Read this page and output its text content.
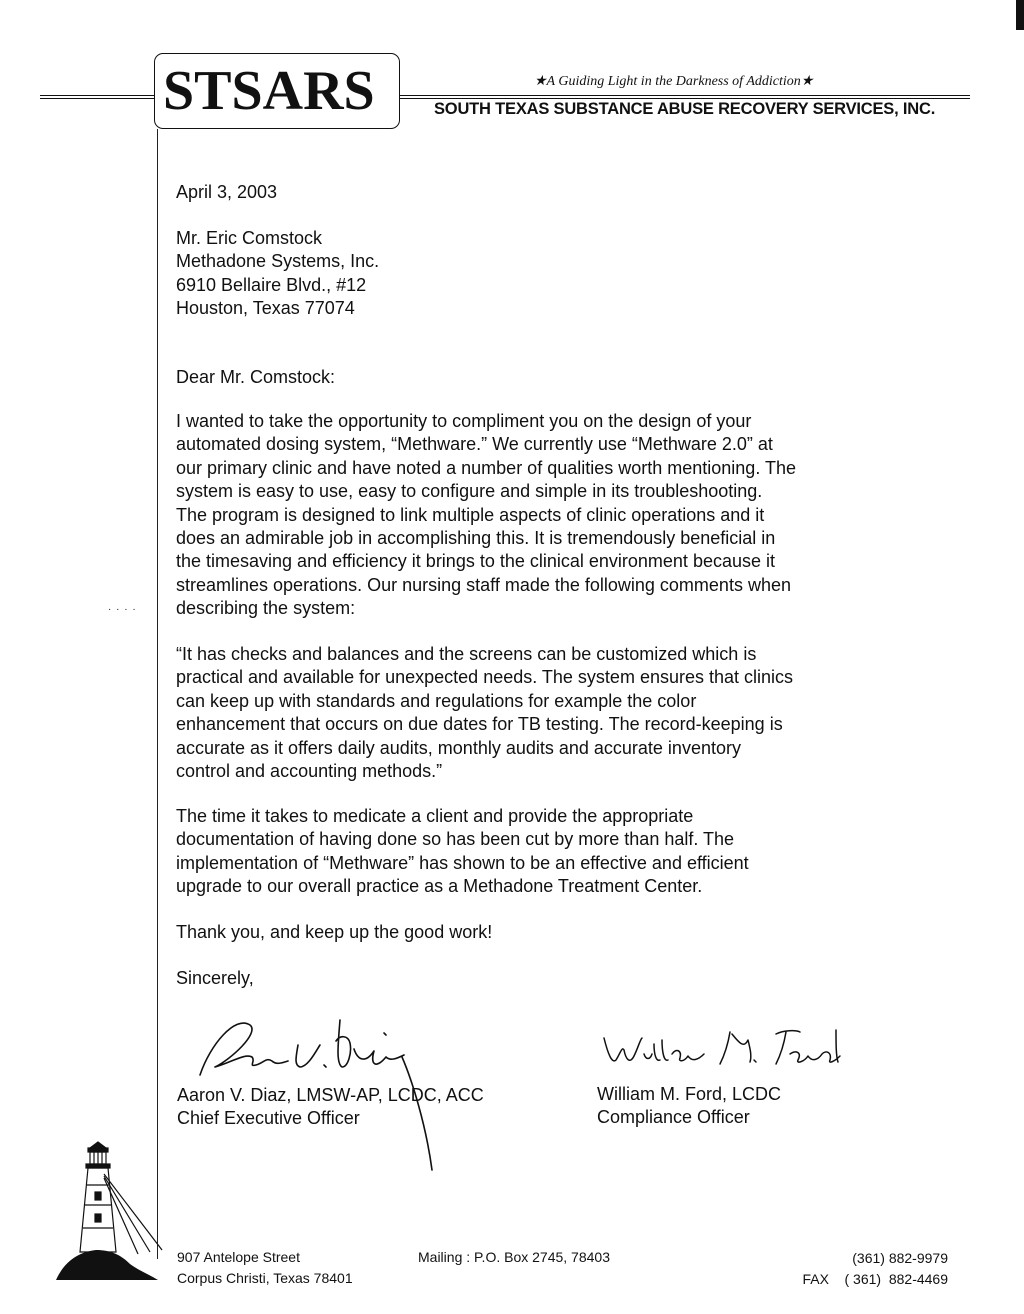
STSARS	★A Guiding Light in the Darkness of Addiction★
SOUTH TEXAS SUBSTANCE ABUSE RECOVERY SERVICES, INC.
· · · ·
April 3, 2003
Mr. Eric Comstock
Methadone Systems, Inc.
6910 Bellaire Blvd., #12
Houston, Texas 77074
Dear Mr. Comstock:
I wanted to take the opportunity to compliment you on the design of your
automated dosing system, “Methware.” We currently use “Methware 2.0” at
our primary clinic and have noted a number of qualities worth mentioning. The
system is easy to use, easy to configure and simple in its troubleshooting.
The program is designed to link multiple aspects of clinic operations and it
does an admirable job in accomplishing this. It is tremendously beneficial in
the timesaving and efficiency it brings to the clinical environment because it
streamlines operations. Our nursing staff made the following comments when
describing the system:
“It has checks and balances and the screens can be customized which is
practical and available for unexpected needs. The system ensures that clinics
can keep up with standards and regulations for example the color
enhancement that occurs on due dates for TB testing. The record-keeping is
accurate as it offers daily audits, monthly audits and accurate inventory
control and accounting methods.”
The time it takes to medicate a client and provide the appropriate
documentation of having done so has been cut by more than half. The
implementation of “Methware” has shown to be an effective and efficient
upgrade to our overall practice as a Methadone Treatment Center.
Thank you, and keep up the good work!
Sincerely,
Aaron V. Diaz, LMSW-AP, LCDC, ACC
Chief Executive Officer
William M. Ford, LCDC
Compliance Officer
907 Antelope Street
Corpus Christi, Texas 78401
Mailing : P.O. Box 2745, 78403	(361) 882-9979
FAX    ( 361)  882-4469
